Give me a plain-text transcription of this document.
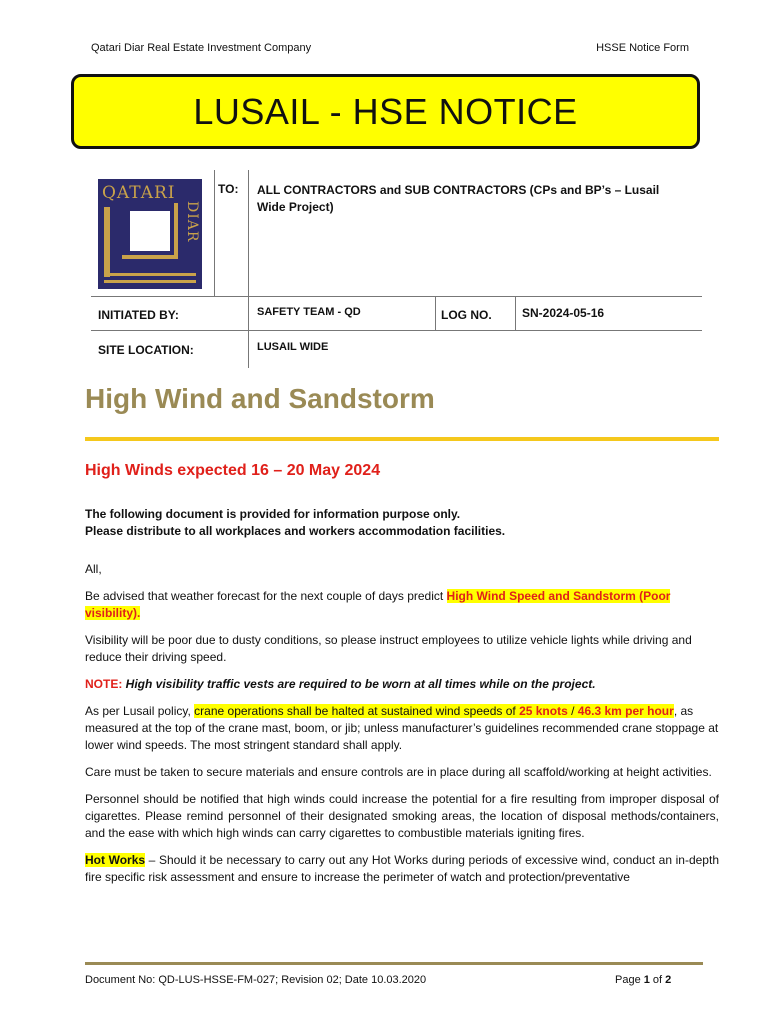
Qatari Diar Real Estate Investment Company	HSSE Notice Form
LUSAIL - HSE NOTICE
QATARI
DIAR
TO: ALL CONTRACTORS and SUB CONTRACTORS (CPs and BP’s – Lusail Wide Project)
INITIATED BY:	SAFETY TEAM - QD	LOG NO.	SN-2024-05-16
SITE LOCATION:	LUSAIL WIDE
High Wind and Sandstorm
High Winds expected 16 – 20 May 2024
The following document is provided for information purpose only.
Please distribute to all workplaces and workers accommodation facilities.

All,

Be advised that weather forecast for the next couple of days predict High Wind Speed and Sandstorm (Poor visibility).

Visibility will be poor due to dusty conditions, so please instruct employees to utilize vehicle lights while driving and reduce their driving speed.

NOTE: High visibility traffic vests are required to be worn at all times while on the project.

As per Lusail policy, crane operations shall be halted at sustained wind speeds of 25 knots / 46.3 km per hour, as measured at the top of the crane mast, boom, or jib; unless manufacturer’s guidelines recommended crane stoppage at lower wind speeds. The most stringent standard shall apply.

Care must be taken to secure materials and ensure controls are in place during all scaffold/working at height activities.

Personnel should be notified that high winds could increase the potential for a fire resulting from improper disposal of cigarettes. Please remind personnel of their designated smoking areas, the location of disposal methods/containers, and the ease with which high winds can carry cigarettes to combustible materials igniting fires.

Hot Works – Should it be necessary to carry out any Hot Works during periods of excessive wind, conduct an in-depth fire specific risk assessment and ensure to increase the perimeter of watch and protection/preventative

Document No: QD-LUS-HSSE-FM-027; Revision 02; Date 10.03.2020	Page 1 of 2
